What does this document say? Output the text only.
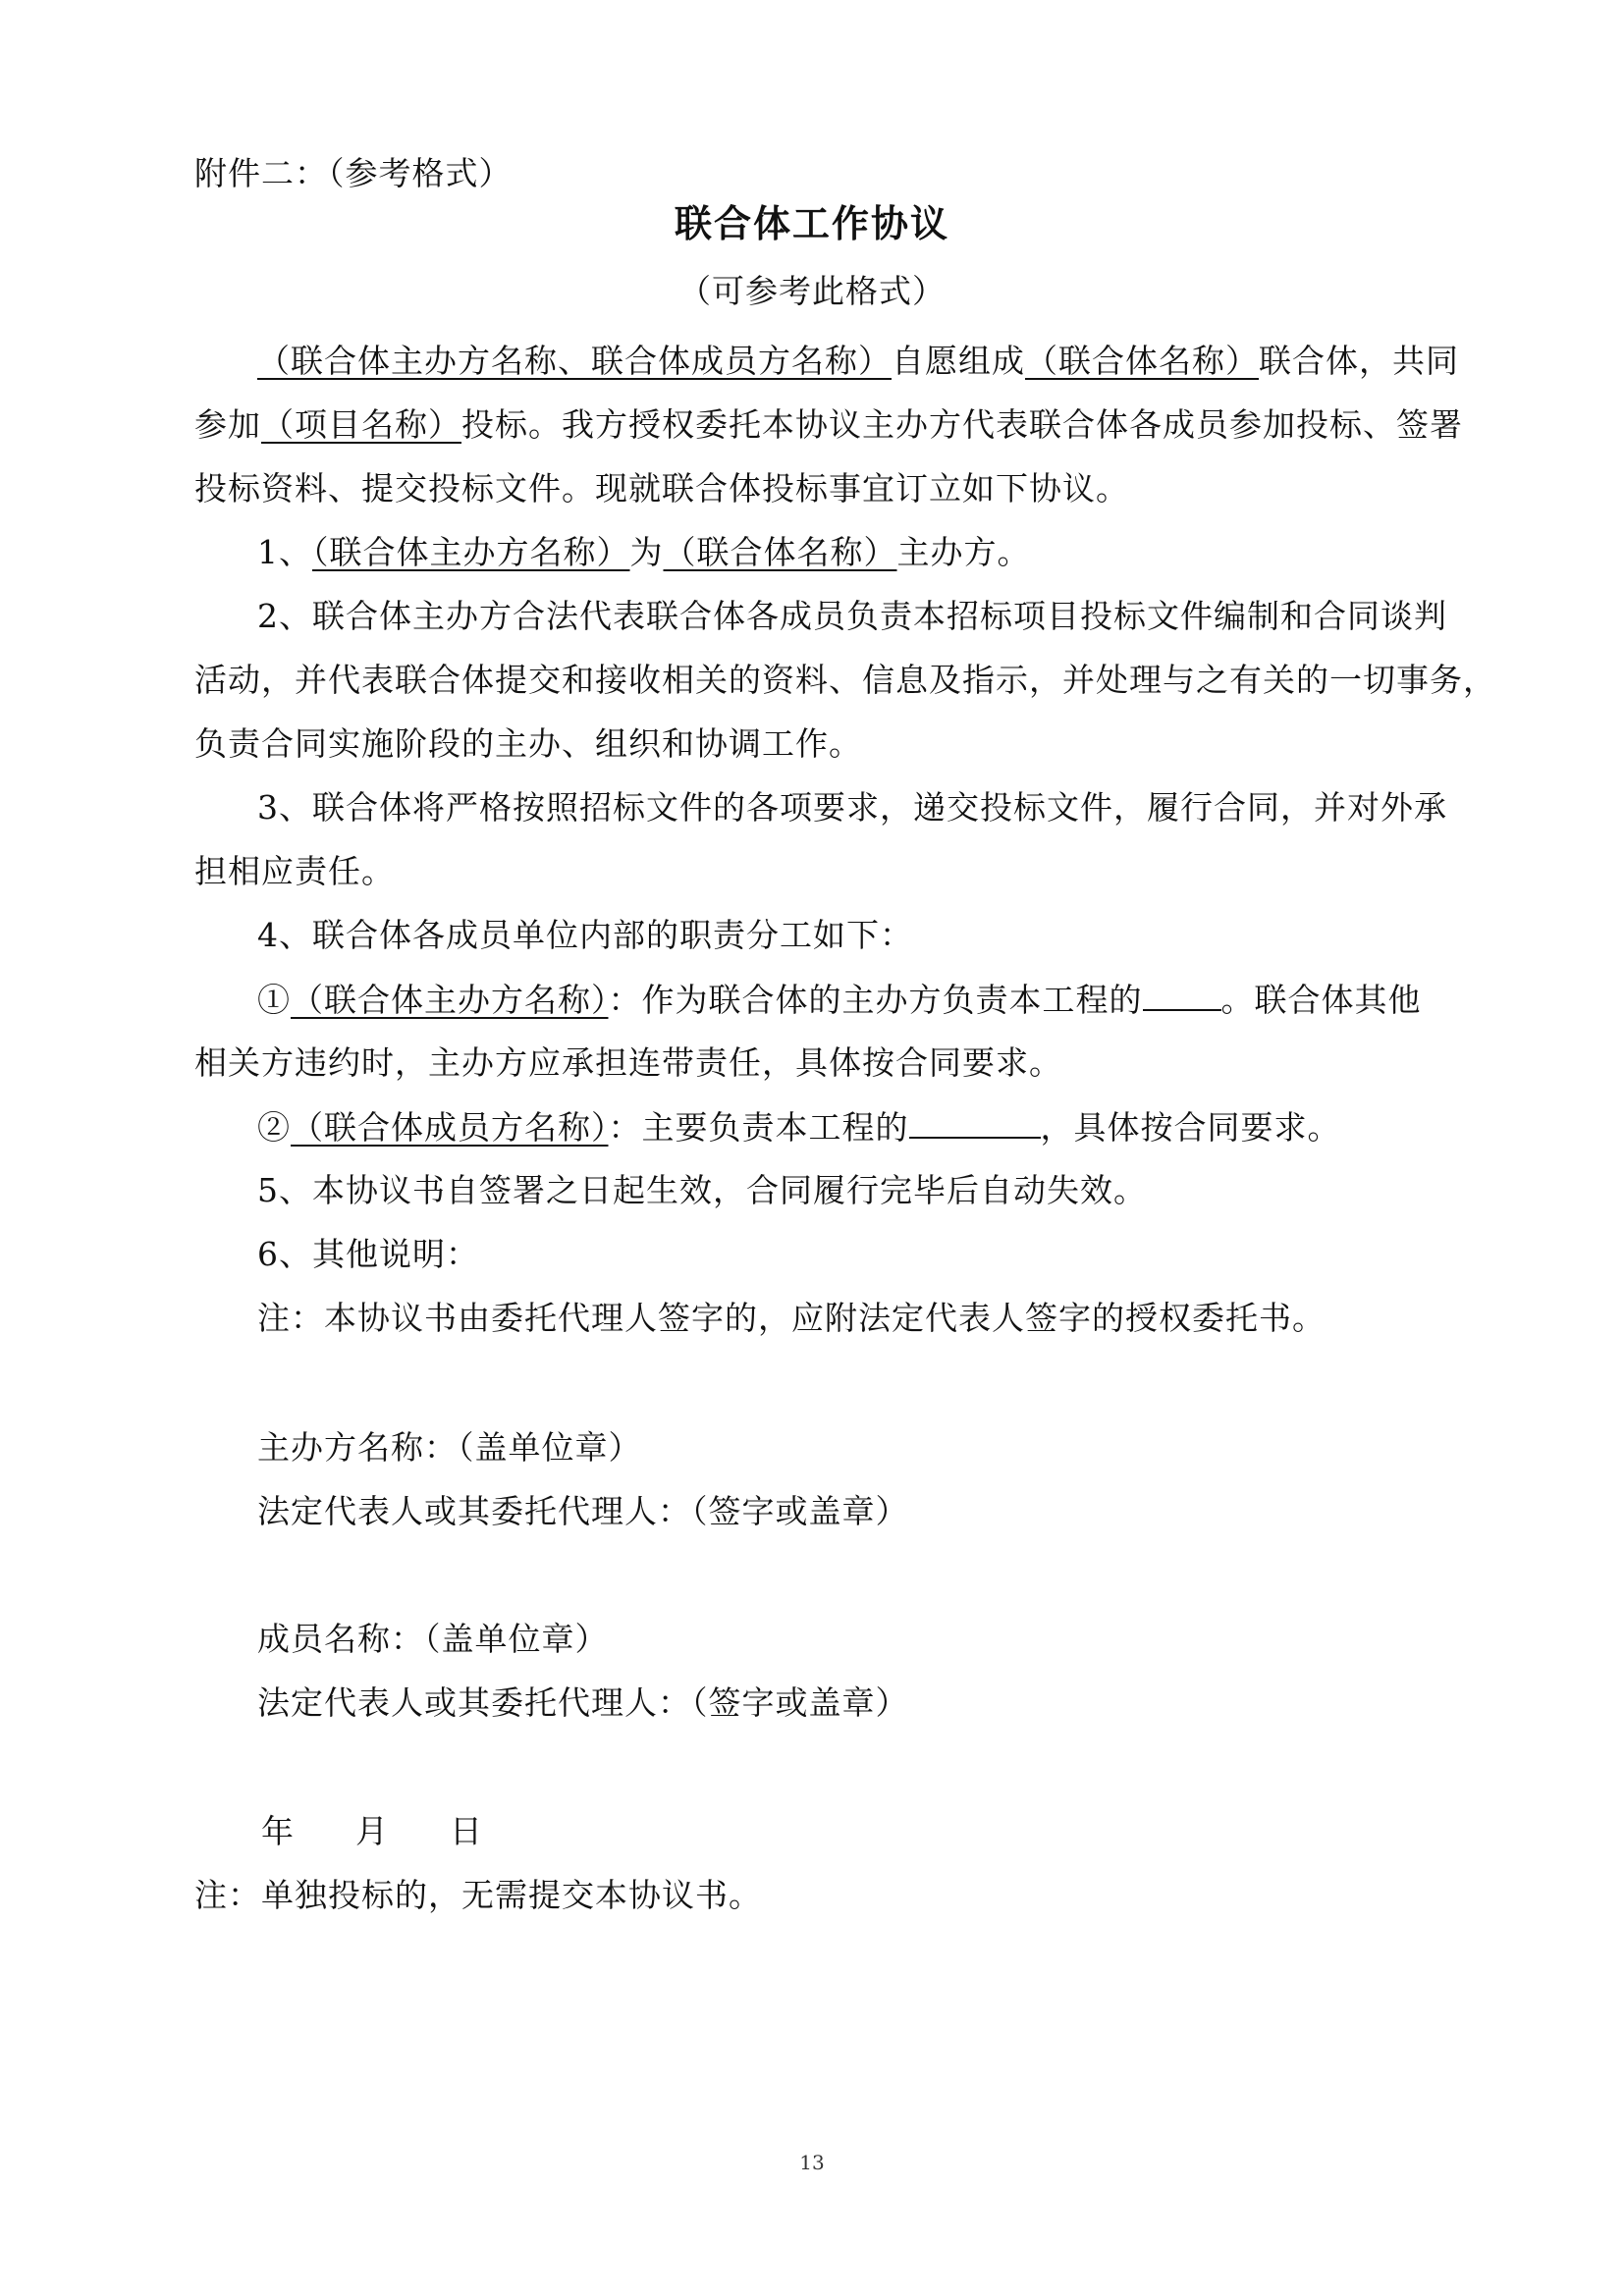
附件二：（参考格式）
联合体工作协议
（可参考此格式）
（联合体主办方名称、联合体成员方名称）自愿组成（联合体名称）联合体，共同
参加（项目名称）投标。我方授权委托本协议主办方代表联合体各成员参加投标、签署
投标资料、提交投标文件。现就联合体投标事宜订立如下协议。
1、（联合体主办方名称）为（联合体名称）主办方。
2、联合体主办方合法代表联合体各成员负责本招标项目投标文件编制和合同谈判
活动，并代表联合体提交和接收相关的资料、信息及指示，并处理与之有关的一切事务，
负责合同实施阶段的主办、组织和协调工作。
3、联合体将严格按照招标文件的各项要求，递交投标文件，履行合同，并对外承
担相应责任。
4、联合体各成员单位内部的职责分工如下：
①（联合体主办方名称）：作为联合体的主办方负责本工程的 。联合体其他
相关方违约时，主办方应承担连带责任，具体按合同要求。
②（联合体成员方名称）：主要负责本工程的	，具体按合同要求。
5、本协议书自签署之日起生效，合同履行完毕后自动失效。
6、其他说明：
注：本协议书由委托代理人签字的，应附法定代表人签字的授权委托书。
主办方名称：（盖单位章）
法定代表人或其委托代理人：（签字或盖章）
成员名称：（盖单位章）
法定代表人或其委托代理人：（签字或盖章）
年 月 日
注：单独投标的，无需提交本协议书。
13
